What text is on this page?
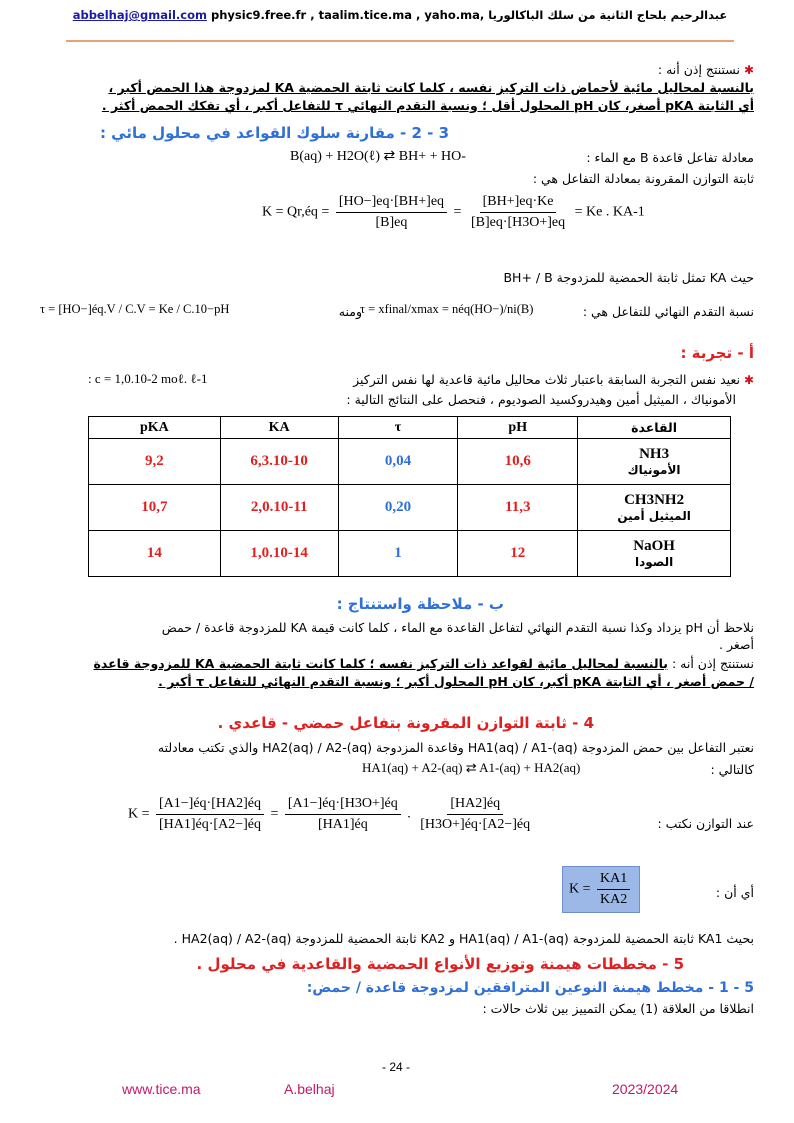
abbelhaj@gmail.com physic9.free.fr , taalim.tice.ma , yaho.ma, عبدالرحيم بلحاج الثانية من سلك الباكالوريا
✱ نستنتج إذن أنه :
بالنسبة لمحاليل مائية لأحماض ذات التركيز نفسه ، كلما كانت ثابتة الحمضية KA لمزدوجة هذا الحمض أكبر ،
أي الثابتة pKA أصغر، كان pH المحلول أقل ؛ ونسبة التقدم النهائي τ للتفاعل أكبر ، أي تفكك الحمض أكثر .
3 - 2 - مقارنة سلوك القواعد في محلول مائي :
معادلة تفاعل قاعدة B مع الماء :
B(aq) + H2O(ℓ) ⇄ BH+ + HO-
ثابتة التوازن المقرونة بمعادلة التفاعل هي :
K = Qr,éq = $\frac{[HO-]eq\cdot[BH+]eq}{[B]eq} = \frac{[BH+]eq\cdot Ke}{[B]eq\cdot[H3O+]eq} = Ke$ . KA-1
حيث KA تمثل ثابتة الحمضية للمزدوجة BH+ / B
نسبة التقدم النهائي للتفاعل هي :
τ = xfinal/xmax = néq(HO−)/ni(B)
ومنه
τ = [HO−]éq.V / C.V = Ke / C.10−pH
أ - تجربة :
✱ نعيد نفس التجربة السابقة باعتبار ثلاث محاليل مائية قاعدية لها نفس التركيز
: c = 1,0.10-2 moℓ. ℓ-1
الأمونياك ، الميثيل أمين وهيدروكسيد الصوديوم ، فنحصل على النتائج التالية :
pKA	KA	τ	pH	القاعدة
9,2	6,3.10-10	0,04	10,6	NH3
الأمونياك

10,7	2,0.10-11	0,20	11,3	CH3NH2
الميثيل أمين

14	1,0.10-14	1	12	NaOH
الصودا
ب - ملاحظة واستنتاج :
نلاحظ أن pH يزداد وكذا نسبة التقدم النهائي لتفاعل القاعدة مع الماء ، كلما كانت قيمة KA للمزدوجة قاعدة / حمض
أصغر .
نستنتج إذن أنه : بالنسبة لمحاليل مائية لقواعد ذات التركيز نفسه ؛ كلما كانت ثابتة الحمضية KA للمزدوجة قاعدة
/ حمض أصغر ، أي الثابتة pKA أكبر، كان pH المحلول أكبر ؛ ونسبة التقدم النهائي للتفاعل τ أكبر .
4 - ثابتة التوازن المقرونة بتفاعل حمضي - قاعدي .
نعتبر التفاعل بين حمض المزدوجة HA1(aq) / A1-(aq) وقاعدة المزدوجة HA2(aq) / A2-(aq) والذي تكتب معادلته
كالتالي :
HA1(aq) + A2-(aq) ⇄ A1-(aq) + HA2(aq)
عند التوازن نكتب :
$K = \frac{[A1-]éq\cdot[HA2]éq}{[HA1]éq\cdot[A2-]éq} = \frac{[A1-]éq\cdot[H3O+]éq}{[HA1]éq}$ . $\frac{[HA2]éq}{[H3O+]éq\cdot[A2-]éq}$
أي أن :
$K = \frac{KA1}{KA2}$
بحيث KA1 ثابتة الحمضية للمزدوجة HA1(aq) / A1-(aq) و KA2 ثابتة الحمضية للمزدوجة HA2(aq) / A2-(aq) .
5 - مخططات هيمنة وتوزيع الأنواع الحمضية والقاعدية في محلول .
5 - 1 - مخطط هيمنة النوعين المترافقين لمزدوجة قاعدة / حمض:
انطلاقا من العلاقة (1) يمكن التمييز بين ثلاث حالات :
- 24 -
www.tice.ma	A.belhaj	2023/2024
